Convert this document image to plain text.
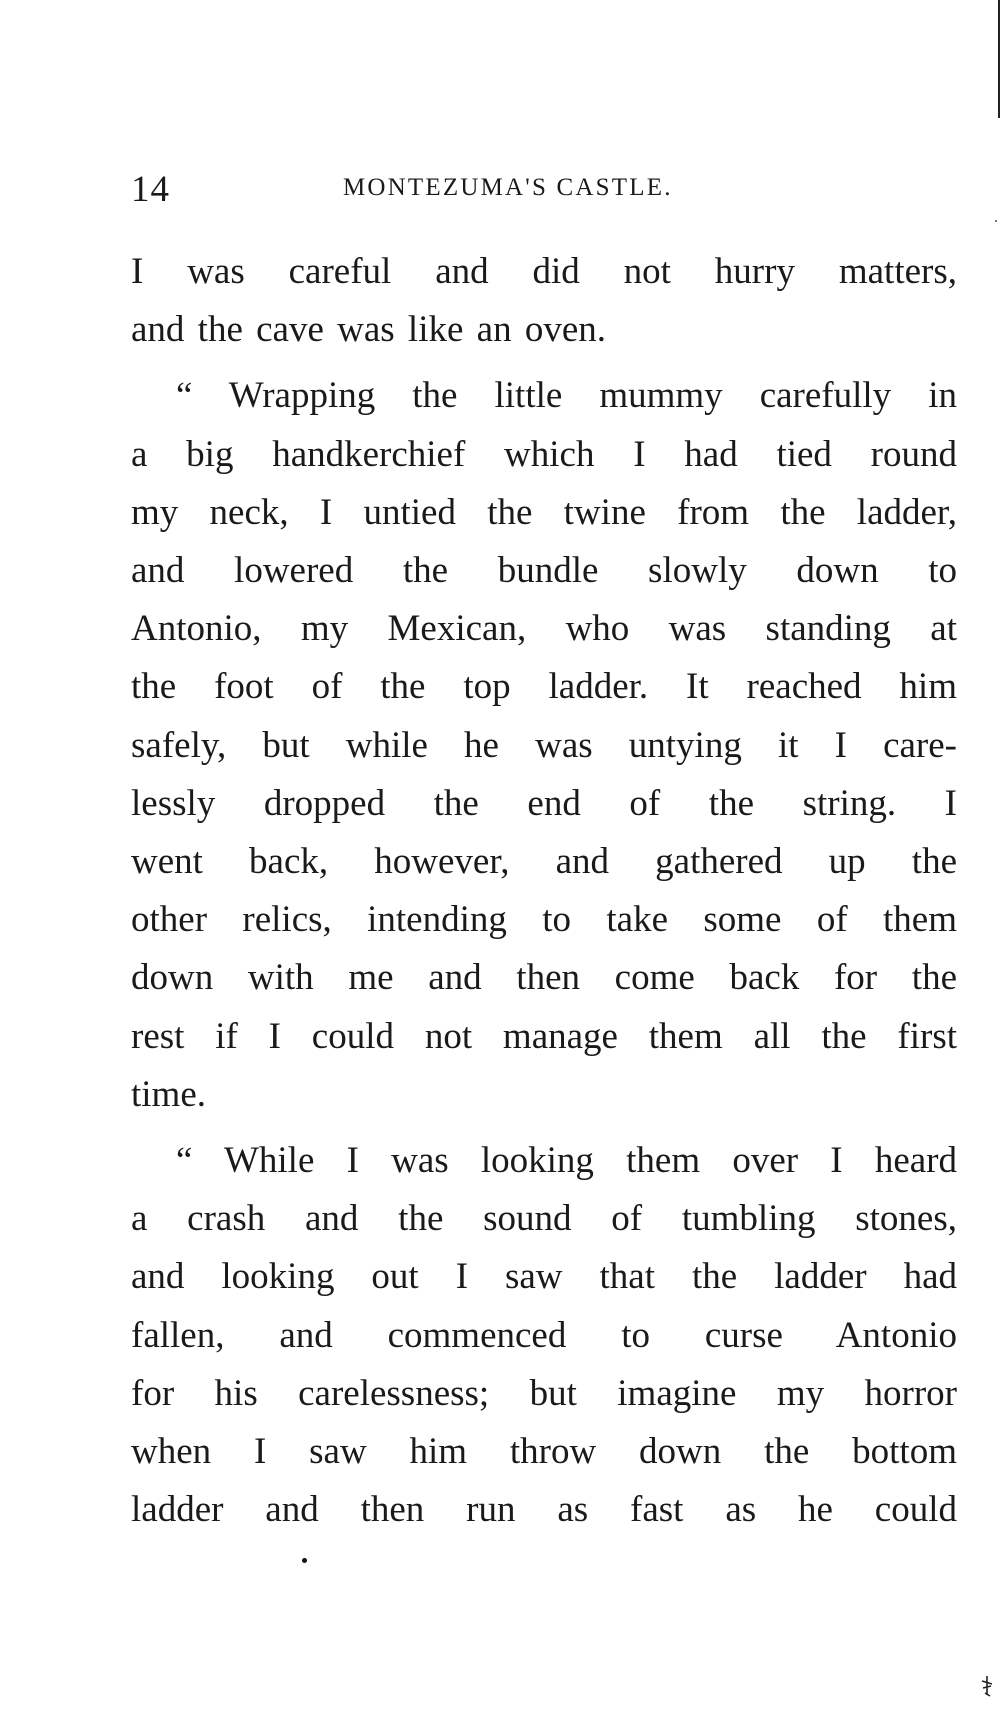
14	MONTEZUMA'S CASTLE.
I was careful and did not hurry matters,
and the cave was like an oven.
“ Wrapping the little mummy carefully in
a big handkerchief which I had tied round
my neck, I untied the twine from the ladder,
and lowered the bundle slowly down to
Antonio, my Mexican, who was standing at
the foot of the top ladder. It reached him
safely, but while he was untying it I care-
lessly dropped the end of the string. I
went back, however, and gathered up the
other relics, intending to take some of them
down with me and then come back for the
rest if I could not manage them all the first
time.
“ While I was looking them over I heard
a crash and the sound of tumbling stones,
and looking out I saw that the ladder had
fallen, and commenced to curse Antonio
for his carelessness; but imagine my horror
when I saw him throw down the bottom
ladder and then run as fast as he could
